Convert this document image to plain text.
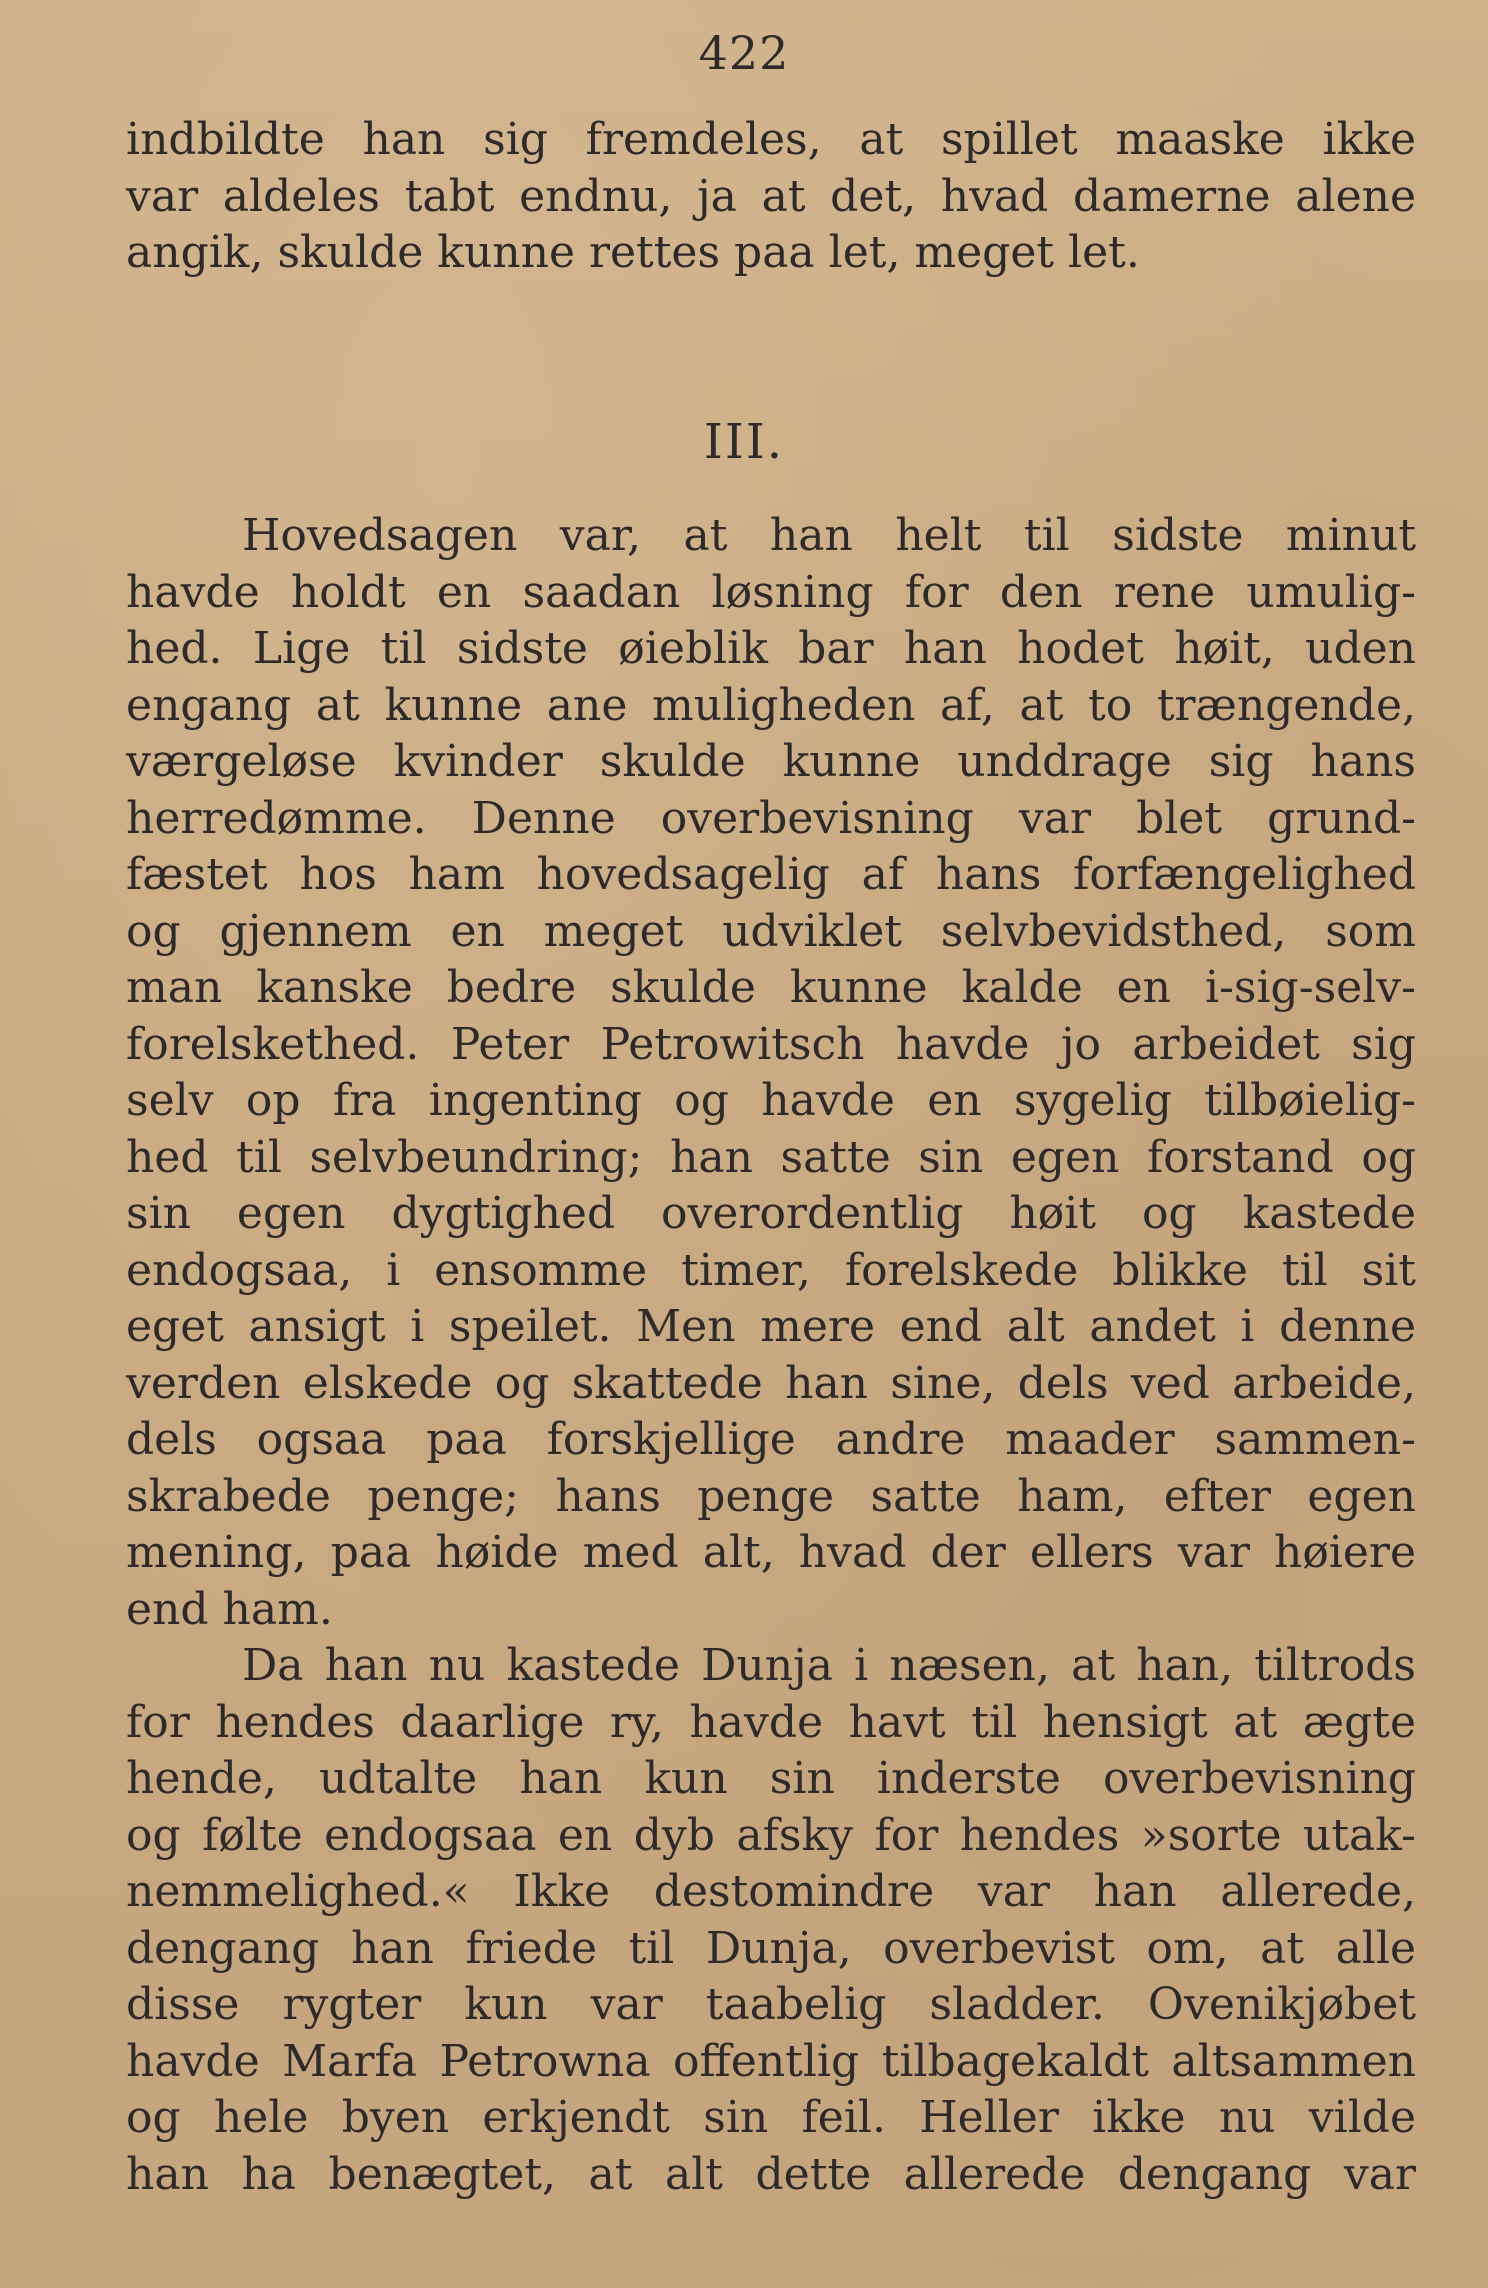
422
indbildte han sig fremdeles, at spillet maaske ikke
var aldeles tabt endnu, ja at det, hvad damerne alene
angik, skulde kunne rettes paa let, meget let.
III.
Hovedsagen var, at han helt til sidste minut
havde holdt en saadan løsning for den rene umulig-
hed. Lige til sidste øieblik bar han hodet høit, uden
engang at kunne ane muligheden af, at to trængende,
værgeløse kvinder skulde kunne unddrage sig hans
herredømme. Denne overbevisning var blet grund-
fæstet hos ham hovedsagelig af hans forfængelighed
og gjennem en meget udviklet selvbevidsthed, som
man kanske bedre skulde kunne kalde en i-sig-selv-
forelskethed. Peter Petrowitsch havde jo arbeidet sig
selv op fra ingenting og havde en sygelig tilbøielig-
hed til selvbeundring; han satte sin egen forstand og
sin egen dygtighed overordentlig høit og kastede
endogsaa, i ensomme timer, forelskede blikke til sit
eget ansigt i speilet. Men mere end alt andet i denne
verden elskede og skattede han sine, dels ved arbeide,
dels ogsaa paa forskjellige andre maader sammen-
skrabede penge; hans penge satte ham, efter egen
mening, paa høide med alt, hvad der ellers var høiere
end ham.
Da han nu kastede Dunja i næsen, at han, tiltrods
for hendes daarlige ry, havde havt til hensigt at ægte
hende, udtalte han kun sin inderste overbevisning
og følte endogsaa en dyb afsky for hendes »sorte utak-
nemmelighed.« Ikke destomindre var han allerede,
dengang han friede til Dunja, overbevist om, at alle
disse rygter kun var taabelig sladder. Ovenikjøbet
havde Marfa Petrowna offentlig tilbagekaldt altsammen
og hele byen erkjendt sin feil. Heller ikke nu vilde
han ha benægtet, at alt dette allerede dengang var
